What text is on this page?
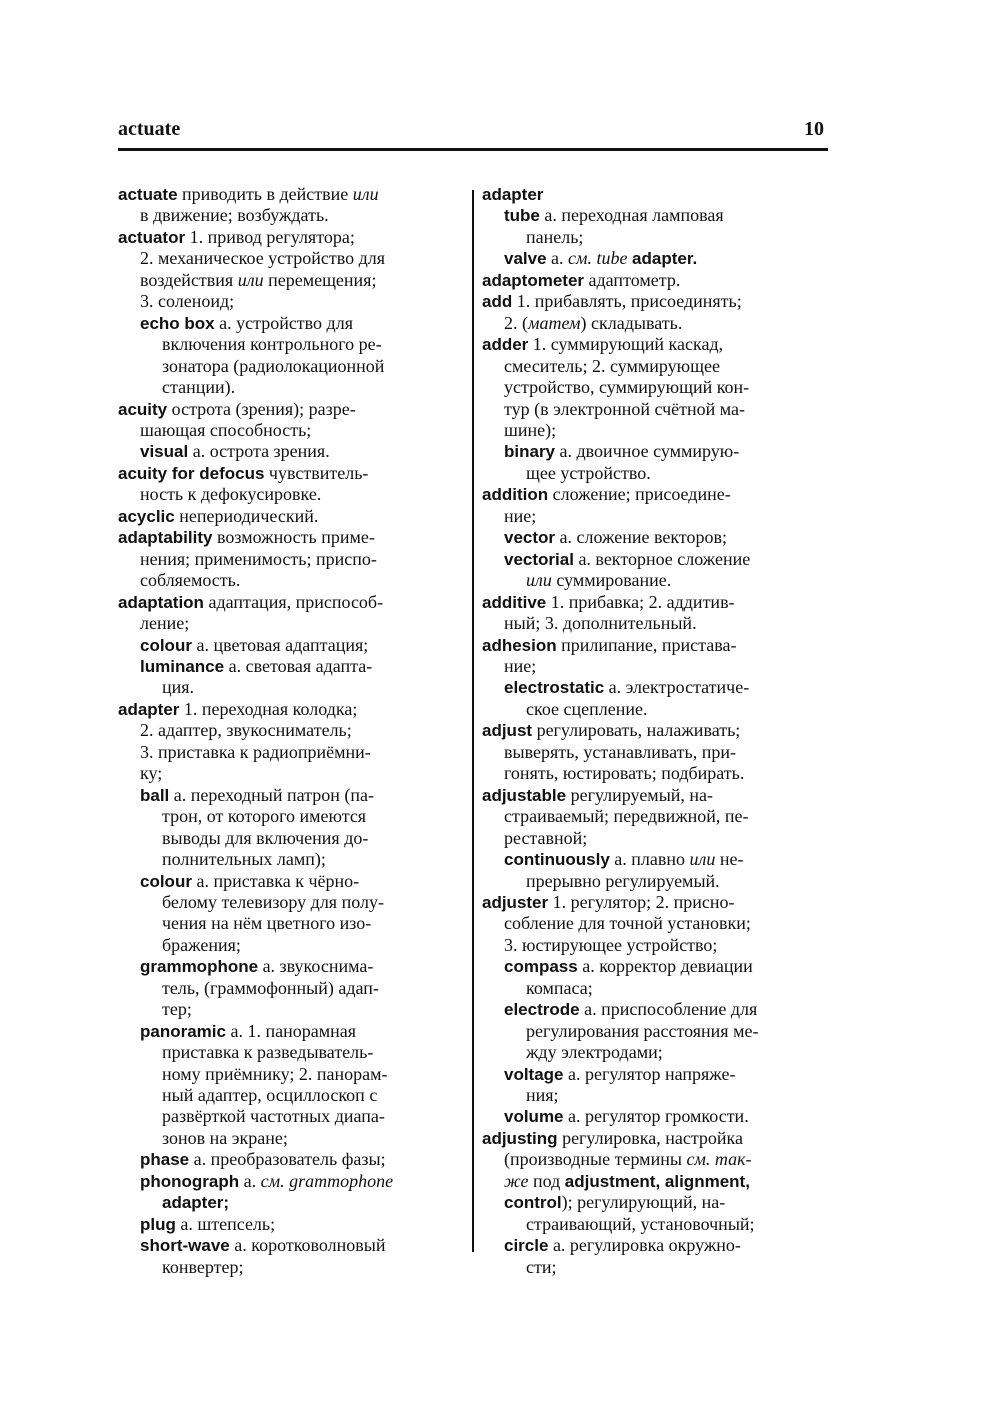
actuate	10
actuate приводить в действие или
в движение; возбуждать.
actuator 1. привод регулятора;
2. механическое устройство для
воздействия или перемещения;
3. соленоид;
echo box a. устройство для
включения контрольного ре-
зонатора (радиолокационной
станции).
acuity острота (зрения); разре-
шающая способность;
visual a. острота зрения.
acuity for defocus чувствитель-
ность к дефокусировке.
acyclic непериодический.
adaptability возможность приме-
нения; применимость; приспо-
собляемость.
adaptation адаптация, приспособ-
ление;
colour a. цветовая адаптация;
luminance a. световая адапта-
ция.
adapter 1. переходная колодка;
2. адаптер, звукосниматель;
3. приставка к радиоприёмни-
ку;
ball a. переходный патрон (па-
трон, от которого имеются
выводы для включения до-
полнительных ламп);
colour a. приставка к чёрно-
белому телевизору для полу-
чения на нём цветного изо-
бражения;
grammophone a. звукоснима-
тель, (граммофонный) адап-
тер;
panoramic a. 1. панорамная
приставка к разведыватель-
ному приёмнику; 2. панорам-
ный адаптер, осциллоскоп с
развёрткой частотных диапа-
зонов на экране;
phase a. преобразователь фазы;
phonograph a. см. grammophone
adapter;
plug a. штепсель;
short-wave a. коротковолновый
конвертер;
adapter
tube a. переходная ламповая
панель;
valve a. см. tube adapter.
adaptometer адаптометр.
add 1. прибавлять, присоединять;
2. (матем) складывать.
adder 1. суммирующий каскад,
смеситель; 2. суммирующее
устройство, суммирующий кон-
тур (в электронной счётной ма-
шине);
binary a. двоичное суммирую-
щее устройство.
addition сложение; присоедине-
ние;
vector a. сложение векторов;
vectorial a. векторное сложение
или суммирование.
additive 1. прибавка; 2. аддитив-
ный; 3. дополнительный.
adhesion прилипание, пристава-
ние;
electrostatic a. электростатиче-
ское сцепление.
adjust регулировать, налаживать;
выверять, устанавливать, при-
гонять, юстировать; подбирать.
adjustable регулируемый, на-
страиваемый; передвижной, пе-
реставной;
continuously a. плавно или не-
прерывно регулируемый.
adjuster 1. регулятор; 2. присно-
собление для точной установки;
3. юстирующее устройство;
compass a. корректор девиации
компаса;
electrode a. приспособление для
регулирования расстояния ме-
жду электродами;
voltage a. регулятор напряже-
ния;
volume a. регулятор громкости.
adjusting регулировка, настройка
(производные термины см. так-
же под adjustment, alignment,
control); регулирующий, на-
страивающий, установочный;
circle a. регулировка окружно-
сти;
